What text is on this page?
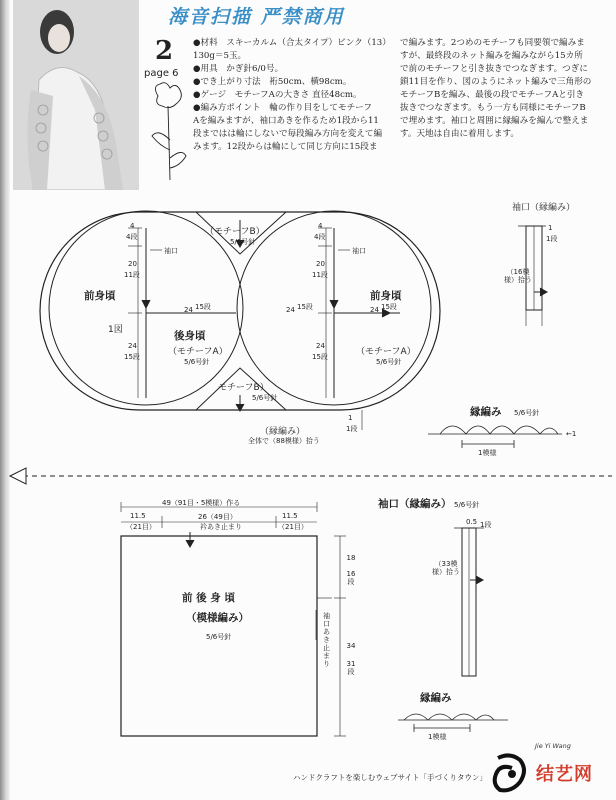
海音扫描 严禁商用
2
page 6
●材料　スキーカルム（合太タイプ）ピンク（13）
130g＝5玉。
●用具　かぎ針6/0号。
●でき上がり寸法　裄50cm、横98cm。
●ゲージ　モチーフAの大きさ 直径48cm。
●編み方ポイント　輪の作り目をしてモチーフ
Aを編みますが、袖口あきを作るため1段から11
段まではは輪にしないで毎段編み方向を変えて編
みます。12段からは輪にして同じ方向に15段ま
で編みます。2つめのモチーフも同要領で編みま
すが、最終段のネット編みを編みながら15カ所
で前のモチーフと引き抜きでつなぎます。つぎに
鎖11目を作り、図のようにネット編みで三角形の
モチーフBを編み、最後の段でモチーフAと引き
抜きでつなぎます。もう一方も同様にモチーフB
で埋めます。袖口と周囲に縁編みを編んで整えま
す。天地は自由に着用します。
（モチーフB）
5/6号針
モチーフB）
5/6号針
前身頃	前身頃
1図	後身頃
（モチーフA）
5/6号針
（モチーフA）
5/6号針
袖口	袖口
4
4段
20
11段
24
15段
24 15段	24 15段	24 15段
4
4段
20
11段
24
15段
1
1段
（縁編み）
全体で（88模様）拾う
袖口（縁編み）
1
1段
（16模様）拾う
縁編み 5/6号針
1模様
←1
49（91目・5模様）作る
11.5
（21目）
26（49目）
衿あき止まり
11.5
（21目）
前 後 身 頃
（模様編み）
5/6号針
18
16段
袖口あき止まり
34
31段
袖口（縁編み） 5/6号針
0.5 1段
（33模様）拾う
縁編み
1模様
ハンドクラフトを楽しむウェブサイト「手づくりタウン」
Jie Yi Wang
结艺网
